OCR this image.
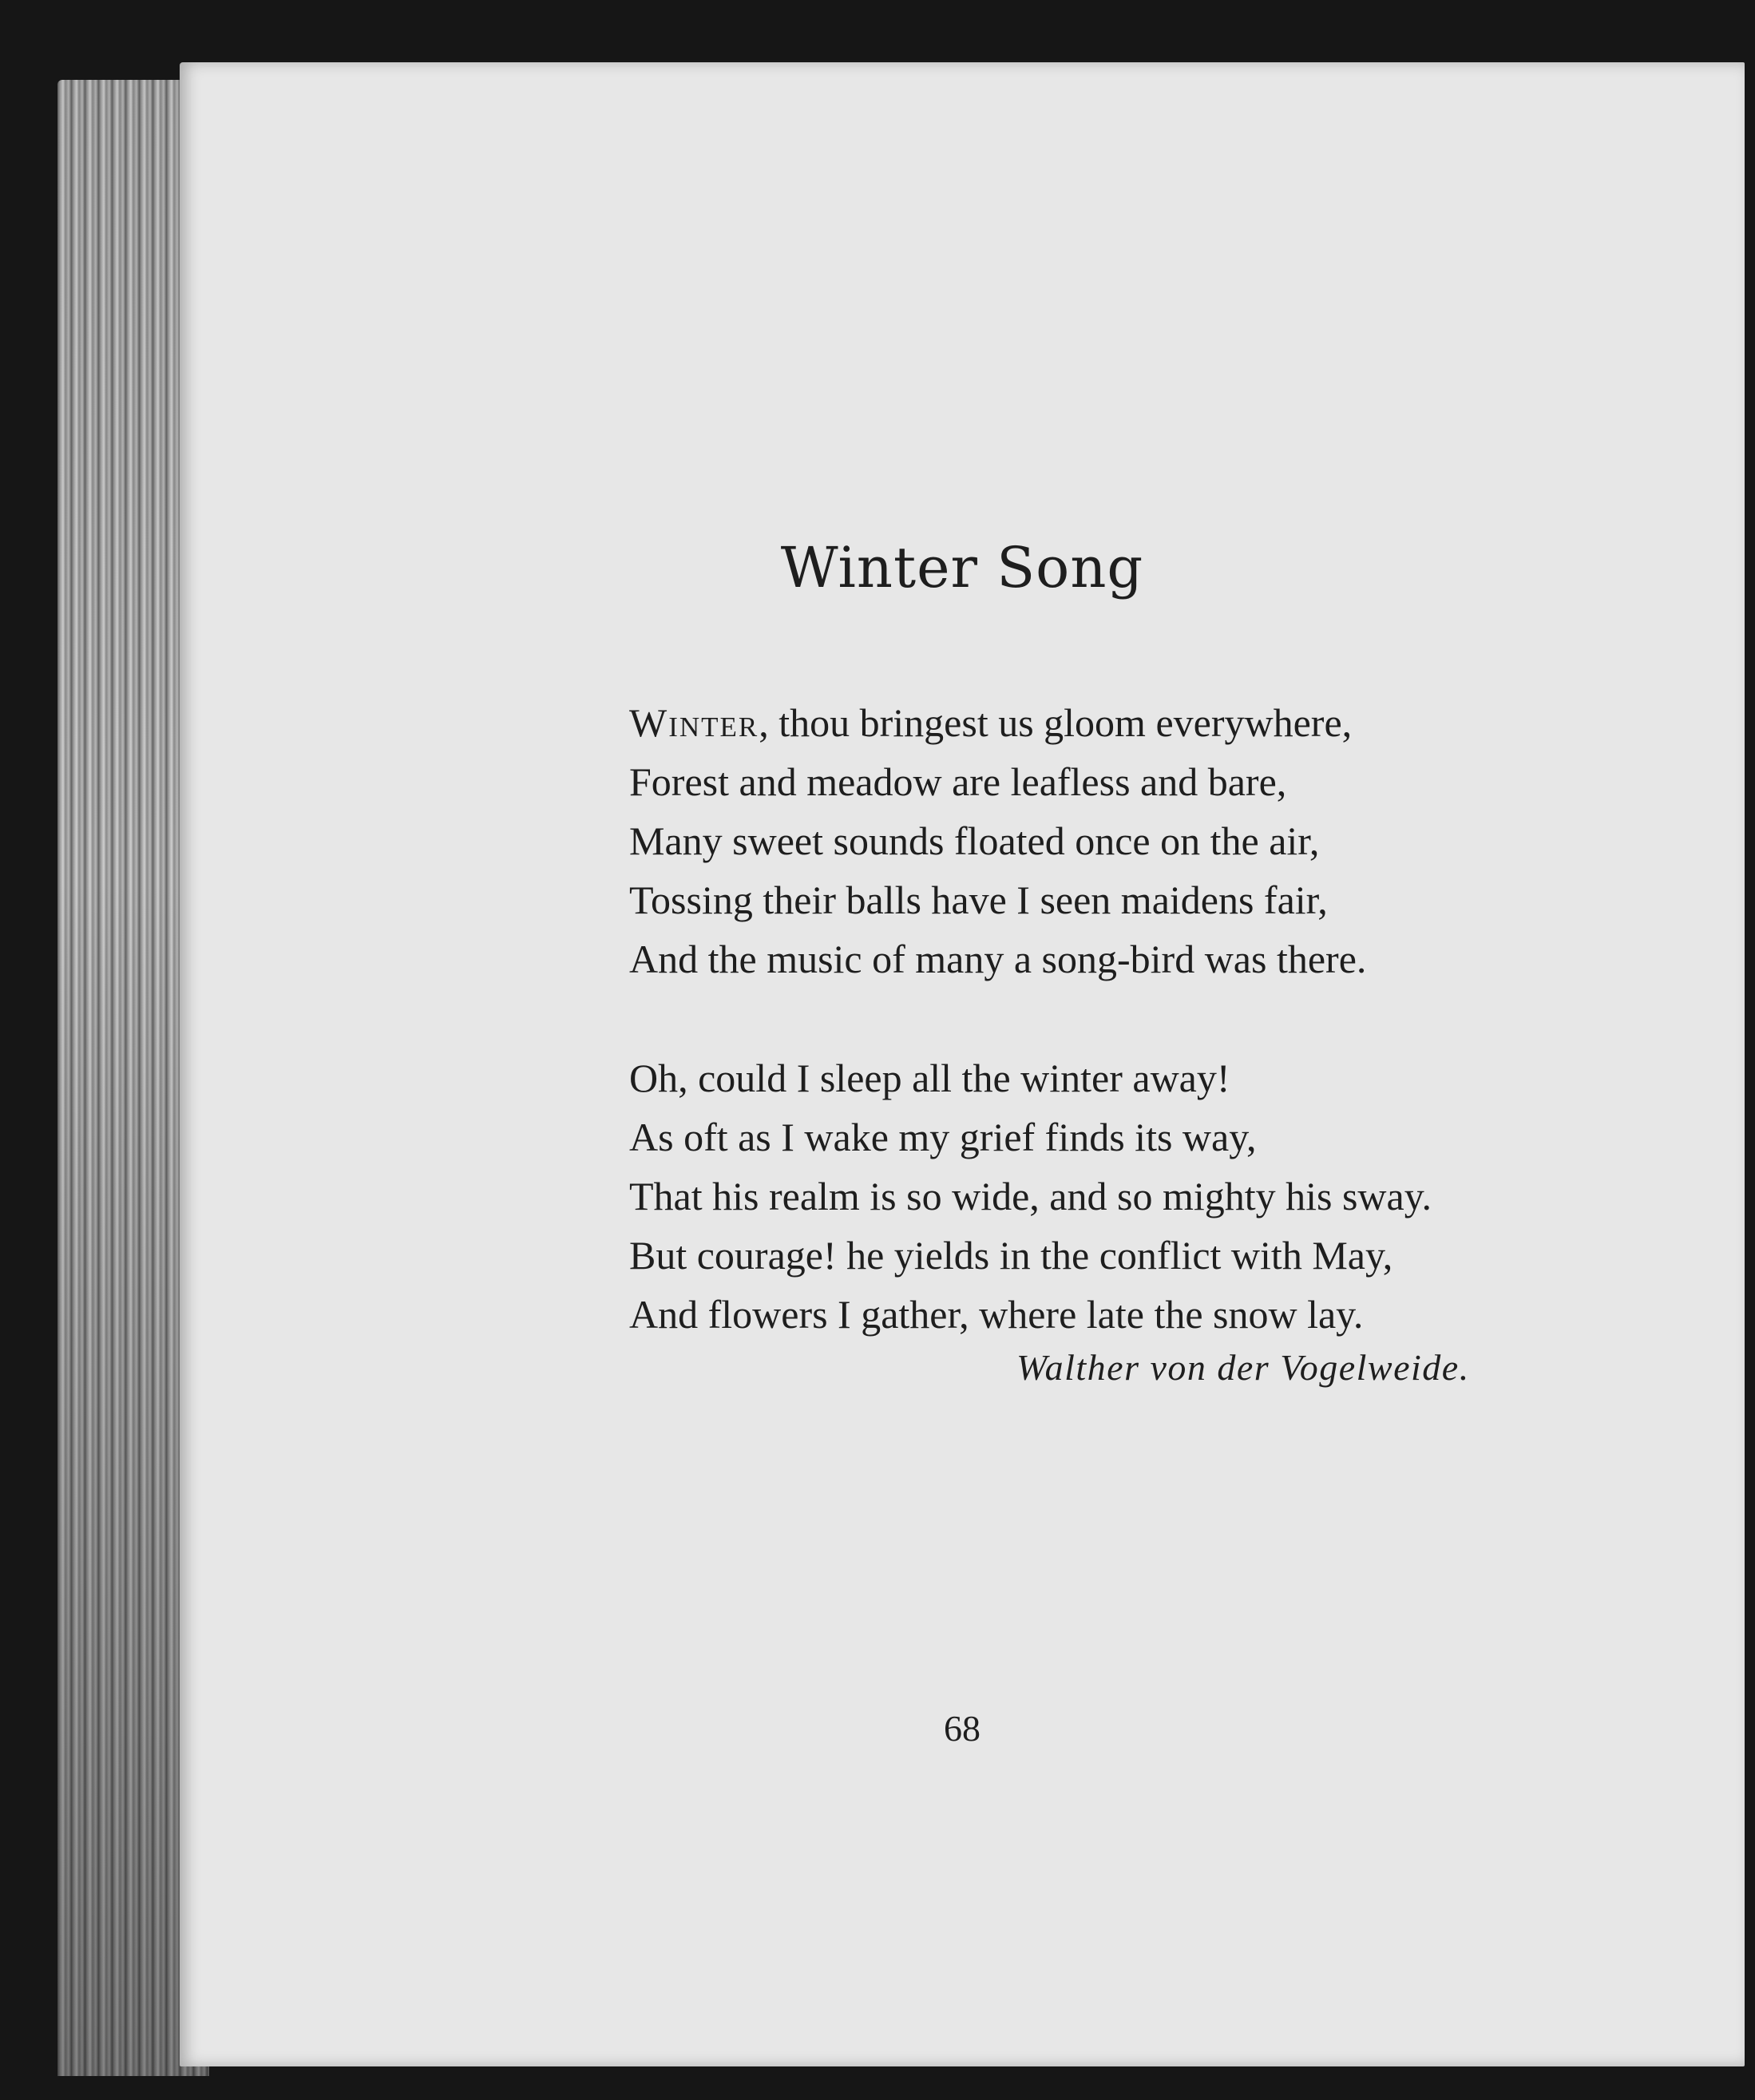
Winter Song

Winter, thou bringest us gloom everywhere,
Forest and meadow are leafless and bare,
Many sweet sounds floated once on the air,
Tossing their balls have I seen maidens fair,
And the music of many a song-bird was there.

Oh, could I sleep all the winter away!
As oft as I wake my grief finds its way,
That his realm is so wide, and so mighty his sway.
But courage! he yields in the conflict with May,
And flowers I gather, where late the snow lay.

Walther von der Vogelweide.
68
